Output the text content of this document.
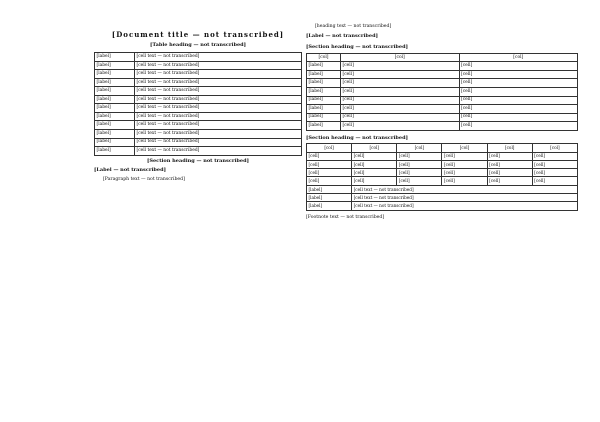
[Document title — not transcribed]
[Table heading — not transcribed]
[label]	[cell text — not transcribed]
[label]	[cell text — not transcribed]
[label]	[cell text — not transcribed]
[label]	[cell text — not transcribed]
[label]	[cell text — not transcribed]
[label]	[cell text — not transcribed]
[label]	[cell text — not transcribed]
[label]	[cell text — not transcribed]
[label]	[cell text — not transcribed]
[label]	[cell text — not transcribed]
[label]	[cell text — not transcribed]
[label]	[cell text — not transcribed]
[Section heading — not transcribed]
[Label — not transcribed]
[Paragraph text — not transcribed]
[heading text — not transcribed]
[Label — not transcribed]
[Section heading — not transcribed]
[col]	[col]	[col]
[label]	[cell]	[cell]
[label]	[cell]	[cell]
[label]	[cell]	[cell]
[label]	[cell]	[cell]
[label]	[cell]	[cell]
[label]	[cell]	[cell]
[label]	[cell]	[cell]
[label]	[cell]	[cell]
[Section heading — not transcribed]
[col]	[col]	[col]	[col]	[col]	[col]
[cell]	[cell]	[cell]	[cell]	[cell]	[cell]
[cell]	[cell]	[cell]	[cell]	[cell]	[cell]
[cell]	[cell]	[cell]	[cell]	[cell]	[cell]
[cell]	[cell]	[cell]	[cell]	[cell]	[cell]
[label]	[cell text — not transcribed]				
[label]	[cell text — not transcribed]				
[label]	[cell text — not transcribed]				
[Footnote text — not transcribed]
